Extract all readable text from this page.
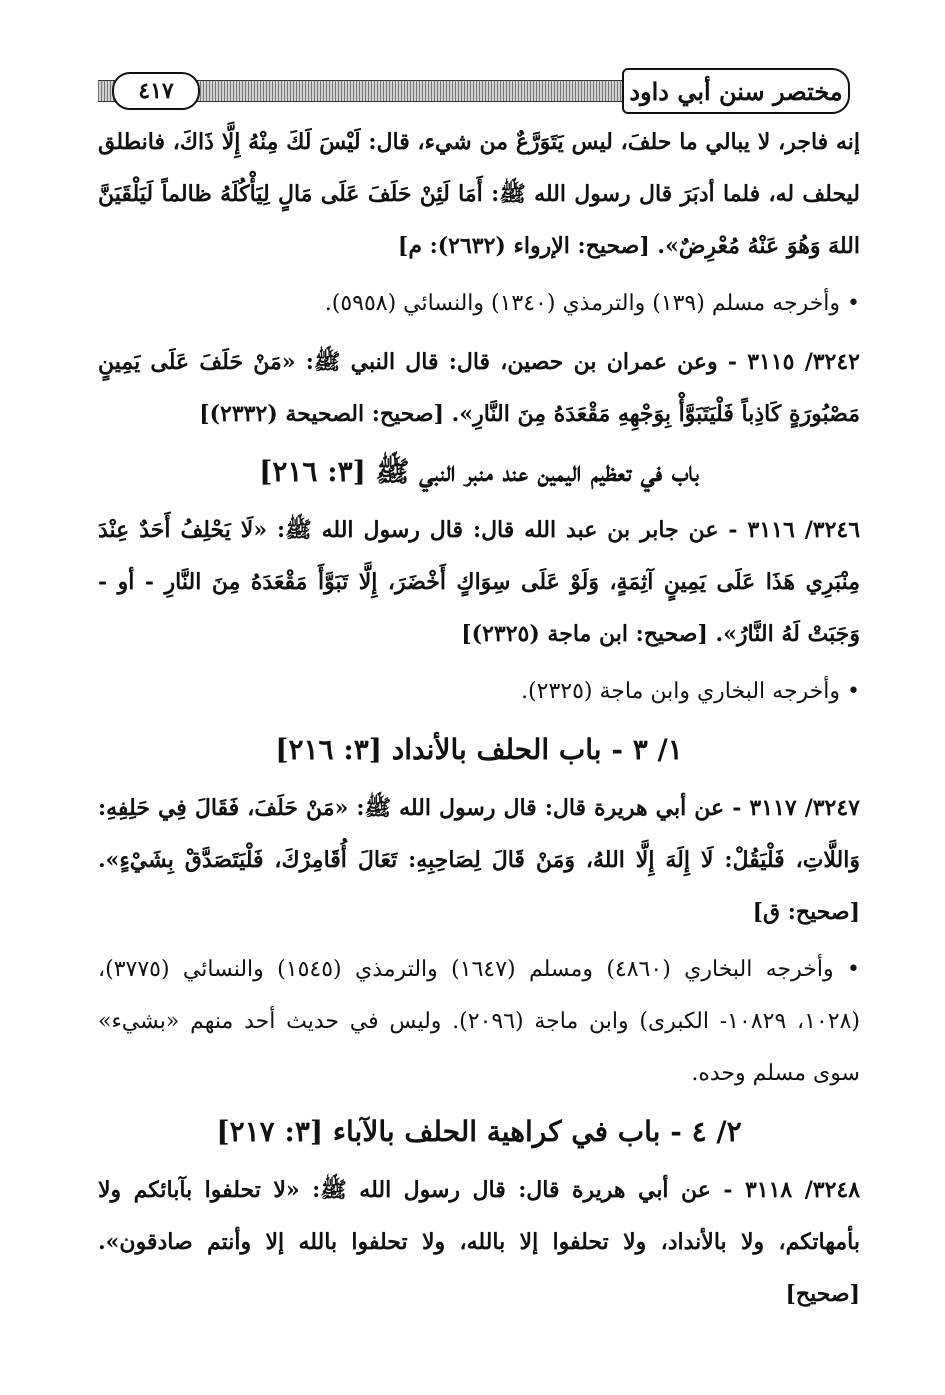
٤١٧	مختصر سنن أبي داود

إنه فاجر، لا يبالي ما حلفَ، ليس يَتَوَرَّعٌ من شيء، قال: لَيْسَ لَكَ مِنْهُ إِلَّا ذَاكَ، فانطلق ليحلف له، فلما أدبَرَ قال رسول الله ﷺ: أَمَا لَئِنْ حَلَفَ عَلَى مَالٍ لِيَأْكُلَهُ ظالماً لَيَلْقَيَنَّ اللهَ وَهُوَ عَنْهُ مُعْرِضٌ». [صحيح: الإرواء (٢٦٣٢): م]

• وأخرجه مسلم (١٣٩) والترمذي (١٣٤٠) والنسائي (٥٩٥٨).

٣٢٤٢/ ٣١١٥ - وعن عمران بن حصين، قال: قال النبي ﷺ: «مَنْ حَلَفَ عَلَى يَمِينٍ مَصْبُورَةٍ كَاذِباً فَلْيَتَبَوَّأْ بِوَجْهِهِ مَقْعَدَهُ مِنَ النَّارِ». [صحيح: الصحيحة (٢٣٣٢)]

باب في تعظيم اليمين عند منبر النبي ﷺ [٣: ٢١٦]

٣٢٤٦/ ٣١١٦ - عن جابر بن عبد الله قال: قال رسول الله ﷺ: «لَا يَحْلِفُ أَحَدٌ عِنْدَ مِنْبَرِي هَذَا عَلَى يَمِينٍ آثِمَةٍ، وَلَوْ عَلَى سِوَاكٍ أَخْضَرَ، إِلَّا تَبَوَّأَ مَقْعَدَهُ مِنَ النَّارِ - أو - وَجَبَتْ لَهُ النَّارُ». [صحيح: ابن ماجة (٢٣٢٥)]

• وأخرجه البخاري وابن ماجة (٢٣٢٥).

١/ ٣ - باب الحلف بالأنداد [٣: ٢١٦]

٣٢٤٧/ ٣١١٧ - عن أبي هريرة قال: قال رسول الله ﷺ: «مَنْ حَلَفَ، فَقَالَ فِي حَلِفِهِ: وَاللَّاتِ، فَلْيَقُلْ: لَا إِلَهَ إِلَّا اللهُ، وَمَنْ قَالَ لِصَاحِبِهِ: تَعَالَ أُقَامِرْكَ، فَلْيَتَصَدَّقْ بِشَيْءٍ». [صحيح: ق]

• وأخرجه البخاري (٤٨٦٠) ومسلم (١٦٤٧) والترمذي (١٥٤٥) والنسائي (٣٧٧٥)، (١٠٢٨، ١٠٨٢٩- الكبرى) وابن ماجة (٢٠٩٦). وليس في حديث أحد منهم «بشيء» سوى مسلم وحده.

٢/ ٤ - باب في كراهية الحلف بالآباء [٣: ٢١٧]

٣٢٤٨/ ٣١١٨ - عن أبي هريرة قال: قال رسول الله ﷺ: «لا تحلفوا بآبائكم ولا بأمهاتكم، ولا بالأنداد، ولا تحلفوا إلا بالله، ولا تحلفوا بالله إلا وأنتم صادقون». [صحيح]
